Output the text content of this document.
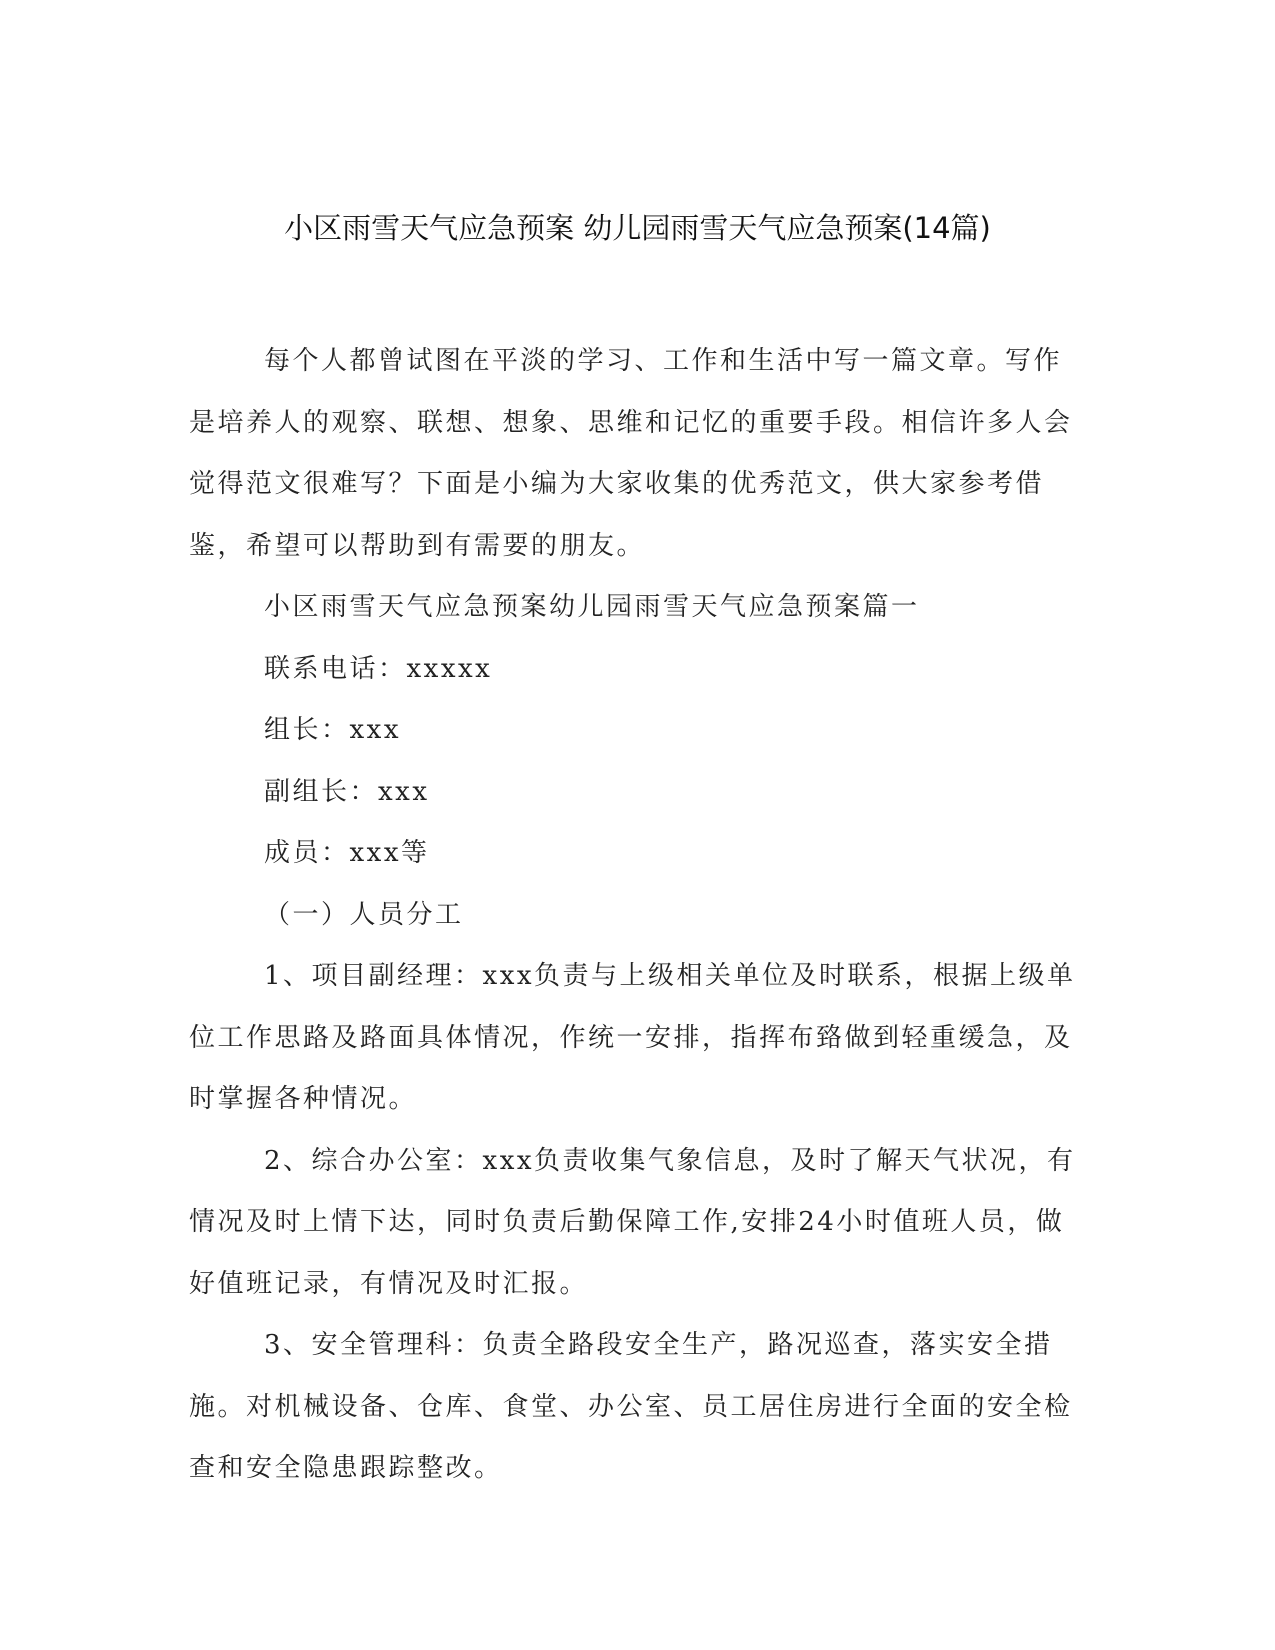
小区雨雪天气应急预案 幼儿园雨雪天气应急预案(14篇)

每个人都曾试图在平淡的学习、工作和生活中写一篇文章。写作是培养人的观察、联想、想象、思维和记忆的重要手段。相信许多人会觉得范文很难写？下面是小编为大家收集的优秀范文，供大家参考借鉴，希望可以帮助到有需要的朋友。

小区雨雪天气应急预案幼儿园雨雪天气应急预案篇一

联系电话：xxxxx

组长：xxx

副组长：xxx

成员：xxx等

（一）人员分工

1、项目副经理：xxx负责与上级相关单位及时联系，根据上级单位工作思路及路面具体情况，作统一安排，指挥布臵做到轻重缓急，及时掌握各种情况。

2、综合办公室：xxx负责收集气象信息，及时了解天气状况，有情况及时上情下达，同时负责后勤保障工作,安排24小时值班人员，做好值班记录，有情况及时汇报。

3、安全管理科：负责全路段安全生产，路况巡查，落实安全措施。对机械设备、仓库、食堂、办公室、员工居住房进行全面的安全检查和安全隐患跟踪整改。
